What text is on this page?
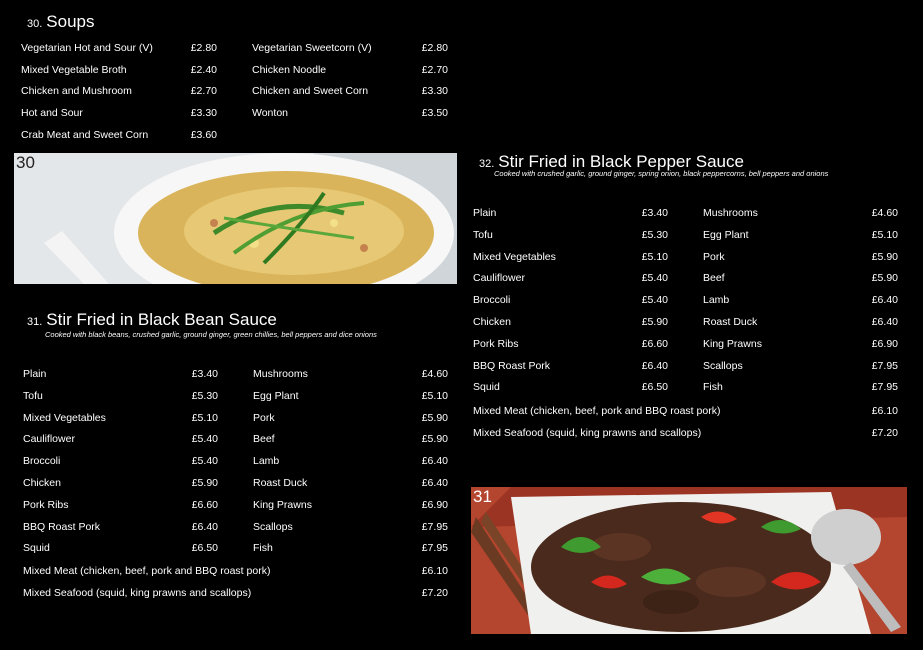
30. Soups
Vegetarian Hot and Sour (V)	£2.80
Mixed Vegetable Broth	£2.40
Chicken and Mushroom	£2.70
Hot and Sour	£3.30
Crab Meat and Sweet Corn	£3.60
Vegetarian Sweetcorn (V)	£2.80
Chicken Noodle	£2.70
Chicken and Sweet Corn	£3.30
Wonton	£3.50
30
31. Stir Fried in Black Bean Sauce
Cooked with black beans, crushed garlic, ground ginger, green chillies, bell peppers and dice onions
Plain	£3.40
Tofu	£5.30
Mixed Vegetables	£5.10
Cauliflower	£5.40
Broccoli	£5.40
Chicken	£5.90
Pork Ribs	£6.60
BBQ Roast Pork	£6.40
Squid	£6.50
Mushrooms	£4.60
Egg Plant	£5.10
Pork	£5.90
Beef	£5.90
Lamb	£6.40
Roast Duck	£6.40
King Prawns	£6.90
Scallops	£7.95
Fish	£7.95
Mixed Meat (chicken, beef, pork and BBQ roast pork)	£6.10
Mixed Seafood (squid, king prawns and scallops)	£7.20
32. Stir Fried in Black Pepper Sauce
Cooked with crushed garlic, ground ginger, spring onion, black peppercorns, bell peppers and onions
Plain	£3.40
Tofu	£5.30
Mixed Vegetables	£5.10
Cauliflower	£5.40
Broccoli	£5.40
Chicken	£5.90
Pork Ribs	£6.60
BBQ Roast Pork	£6.40
Squid	£6.50
Mushrooms	£4.60
Egg Plant	£5.10
Pork	£5.90
Beef	£5.90
Lamb	£6.40
Roast Duck	£6.40
King Prawns	£6.90
Scallops	£7.95
Fish	£7.95
Mixed Meat (chicken, beef, pork and BBQ roast pork)	£6.10
Mixed Seafood (squid, king prawns and scallops)	£7.20
31
